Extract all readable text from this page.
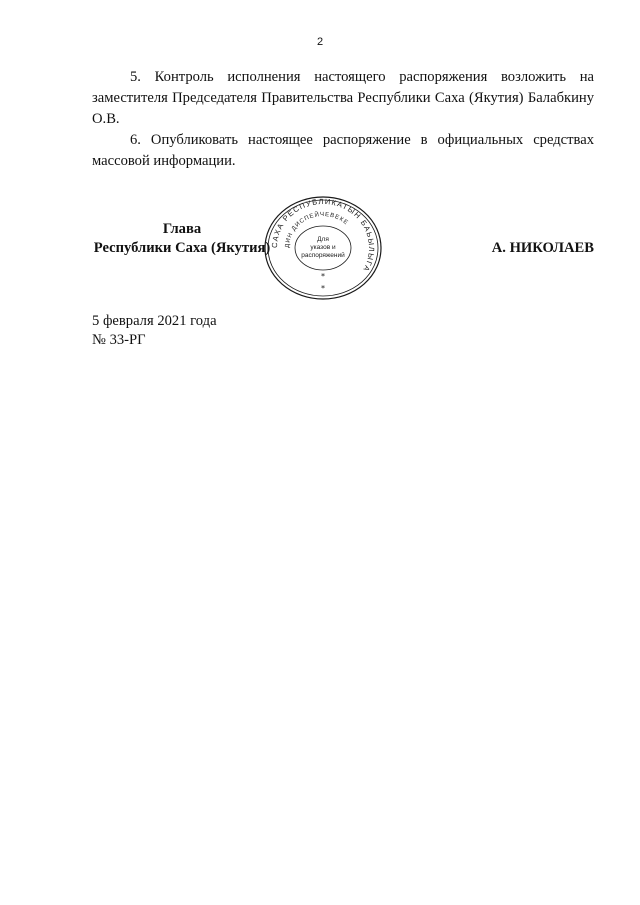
2

5. Контроль исполнения настоящего распоряжения возложить на заместителя Председателя Правительства Республики Саха (Якутия) Балабкину О.В.

6. Опубликовать настоящее распоряжение в официальных средствах массовой информации.

Глава
Республики Саха (Якутия)	А. НИКОЛАЕВ
САХА РЕСПУБЛИКАТЫН БАЬЫЛЫГА
ДИН ДИСПЕЙЧЕВЕКЕ
Для
указов и
распоряжений
*
*
5 февраля 2021 года
№ 33-РГ
